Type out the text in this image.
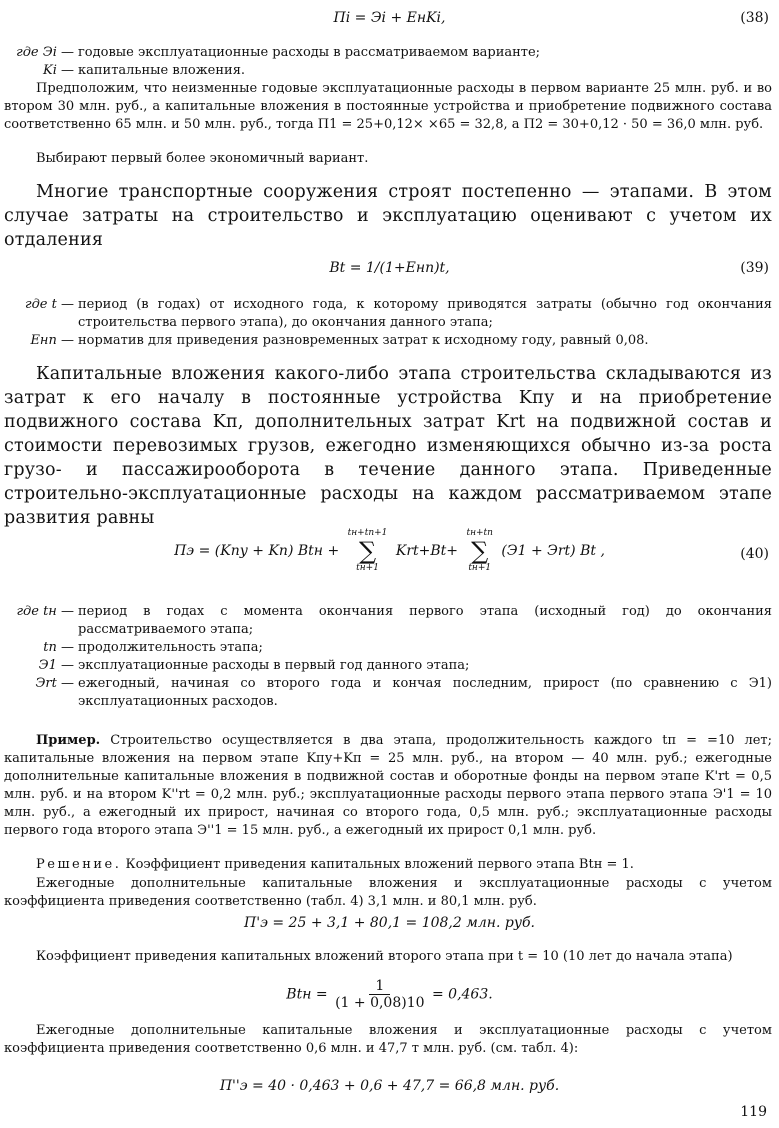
Пi = Эi + EнKi,	(38)
где Эi — годовые эксплуатационные расходы в рассматриваемом варианте;
Ki — капитальные вложения.
Предположим, что неизменные годовые эксплуатационные расходы в первом варианте 25 млн. руб. и во втором 30 млн. руб., а капитальные вложения в постоянные устройства и приобретение подвижного состава соответственно 65 млн. и 50 млн. руб., тогда П1 = 25+0,12× ×65 = 32,8, а П2 = 30+0,12 · 50 = 36,0 млн. руб.
Выбирают первый более экономичный вариант.
Многие транспортные сооружения строят постепенно — этапами. В этом случае затраты на строительство и эксплуатацию оценивают с учетом их отдаления
Bt = 1/(1+Eнп)t,	(39)
где t — период (в годах) от исходного года, к которому приводятся затраты (обычно год окончания строительства первого этапа), до окончания данного этапа;
Eнп — норматив для приведения разновременных затрат к исходному году, равный 0,08.
Капитальные вложения какого-либо этапа строительства складываются из затрат к его началу в постоянные устройства Kпу и на приобретение подвижного состава Kп, дополнительных затрат Krt на подвижной состав и стоимости перевозимых грузов, ежегодно изменяющихся обычно из-за роста грузо- и пассажирооборота в течение данного этапа. Приведенные строительно-эксплуатационные расходы на каждом рассматриваемом этапе развития равны
Пэ = (Kпу + Kп) Btн +
tн+tп+1
∑
tн+1
Krt+Bt+
tн+tп
∑
tн+1
(Э1 + Эrt) Bt ,	(40)
где tн — период в годах с момента окончания первого этапа (исходный год) до окончания рассматриваемого этапа;
tп — продолжительность этапа;
Э1 — эксплуатационные расходы в первый год данного этапа;
Эrt — ежегодный, начиная со второго года и кончая последним, прирост (по сравнению с Э1) эксплуатационных расходов.
Пример. Строительство осуществляется в два этапа, продолжительность каждого tп = =10 лет; капитальные вложения на первом этапе Kпу+Kп = 25 млн. руб., на втором — 40 млн. руб.; ежегодные дополнительные капитальные вложения в подвижной состав и оборотные фонды на первом этапе K'rt = 0,5 млн. руб. и на втором K''rt = 0,2 млн. руб.; эксплуатационные расходы первого этапа первого этапа Э'1 = 10 млн. руб., а ежегодный их прирост, начиная со второго года, 0,5 млн. руб.; эксплуатационные расходы первого года второго этапа Э''1 = 15 млн. руб., а ежегодный их прирост 0,1 млн. руб.
Решение. Коэффициент приведения капитальных вложений первого этапа Btн = 1.
Ежегодные дополнительные капитальные вложения и эксплуатационные расходы с учетом коэффициента приведения соответственно (табл. 4) 3,1 млн. и 80,1 млн. руб.
П'э = 25 + 3,1 + 80,1 = 108,2 млн. руб.
Коэффициент приведения капитальных вложений второго этапа при t = 10 (10 лет до начала этапа)
Btн = $\frac{1}{(1 + 0,08)10} = 0,463$.
Ежегодные дополнительные капитальные вложения и эксплуатационные расходы с учетом коэффициента приведения соответственно 0,6 млн. и 47,7 т млн. руб. (см. табл. 4):
П''э = 40 · 0,463 + 0,6 + 47,7 = 66,8 млн. руб.
119
